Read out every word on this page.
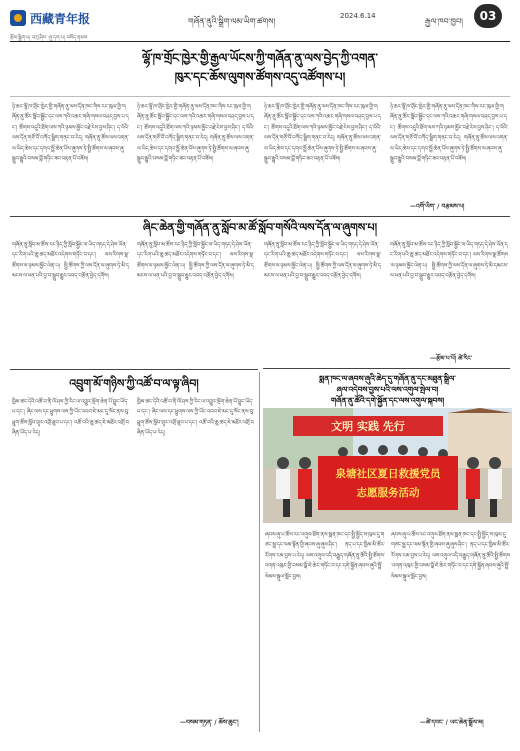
西藏青年报	གཞོན་ནུའི་སྒྲིག་ལམ་ཡིག་ཚགས།
2024.6.14
རྒྱལ་ཁབ་ཁྱབ།	03
རྩོམ་སྒྲིག་པ། བཀྲ་ཤིས་ ཞུ་དག་པ། བསོད་ནམས་
ལྷོ་ཁ་གྲོང་ཁྱེར་གྱི་རྒྱལ་ཡོངས་ཀྱི་གཞོན་ནུ་ལས་བྱེད་ཀྱི་འགན་
ཁུར་དང་ཆོས་ལུགས་ཚོགས་འདུ་འཚོགས་པ།
ཉེ་ཆར་ལྷོ་ཁ་གྲོང་ཁྱེར་གྱི་གཞོན་ནུ་ལས་དོན་ཁང་གིས་རང་ཁུལ་གྱི་གཞོན་ནུ་ཚོར་སློབ་སྦྱོང་དང་ལས་ཀའི་འཆར་གཞི་གསལ་བཤད་བྱས་པ་དང་། ཚོགས་འདུའི་ཐོག་ལས་ཀའི་ཉམས་མྱོང་བརྗེ་རེས་བྱས་ཤིང་། ད་ལོའི་ལས་དོན་གཙོ་བོ་བཀོད་སྒྲིག་གནང་བ་རེད། གཞོན་ནུ་ཚོས་ལས་འགན་ལ་ཡིད་ཆེས་དང་དགའ་སྤྲོ་ཆེན་པོས་ཞུགས་ཏེ་སྤྱི་ཚོགས་ལ་ཞབས་ཞུ་སྒྲུབ་རྒྱུའི་བསམ་བློ་གཏིང་ཟབ་བརྟན་པོ་བཟོས།
ཉེ་ཆར་ལྷོ་ཁ་གྲོང་ཁྱེར་གྱི་གཞོན་ནུ་ལས་དོན་ཁང་གིས་རང་ཁུལ་གྱི་གཞོན་ནུ་ཚོར་སློབ་སྦྱོང་དང་ལས་ཀའི་འཆར་གཞི་གསལ་བཤད་བྱས་པ་དང་། ཚོགས་འདུའི་ཐོག་ལས་ཀའི་ཉམས་མྱོང་བརྗེ་རེས་བྱས་ཤིང་། ད་ལོའི་ལས་དོན་གཙོ་བོ་བཀོད་སྒྲིག་གནང་བ་རེད། གཞོན་ནུ་ཚོས་ལས་འགན་ལ་ཡིད་ཆེས་དང་དགའ་སྤྲོ་ཆེན་པོས་ཞུགས་ཏེ་སྤྱི་ཚོགས་ལ་ཞབས་ཞུ་སྒྲུབ་རྒྱུའི་བསམ་བློ་གཏིང་ཟབ་བརྟན་པོ་བཟོས།
ཉེ་ཆར་ལྷོ་ཁ་གྲོང་ཁྱེར་གྱི་གཞོན་ནུ་ལས་དོན་ཁང་གིས་རང་ཁུལ་གྱི་གཞོན་ནུ་ཚོར་སློབ་སྦྱོང་དང་ལས་ཀའི་འཆར་གཞི་གསལ་བཤད་བྱས་པ་དང་། ཚོགས་འདུའི་ཐོག་ལས་ཀའི་ཉམས་མྱོང་བརྗེ་རེས་བྱས་ཤིང་། ད་ལོའི་ལས་དོན་གཙོ་བོ་བཀོད་སྒྲིག་གནང་བ་རེད། གཞོན་ནུ་ཚོས་ལས་འགན་ལ་ཡིད་ཆེས་དང་དགའ་སྤྲོ་ཆེན་པོས་ཞུགས་ཏེ་སྤྱི་ཚོགས་ལ་ཞབས་ཞུ་སྒྲུབ་རྒྱུའི་བསམ་བློ་གཏིང་ཟབ་བརྟན་པོ་བཟོས།
ཉེ་ཆར་ལྷོ་ཁ་གྲོང་ཁྱེར་གྱི་གཞོན་ནུ་ལས་དོན་ཁང་གིས་རང་ཁུལ་གྱི་གཞོན་ནུ་ཚོར་སློབ་སྦྱོང་དང་ལས་ཀའི་འཆར་གཞི་གསལ་བཤད་བྱས་པ་དང་། ཚོགས་འདུའི་ཐོག་ལས་ཀའི་ཉམས་མྱོང་བརྗེ་རེས་བྱས་ཤིང་། ད་ལོའི་ལས་དོན་གཙོ་བོ་བཀོད་སྒྲིག་གནང་བ་རེད། གཞོན་ནུ་ཚོས་ལས་འགན་ལ་ཡིད་ཆེས་དང་དགའ་སྤྲོ་ཆེན་པོས་ཞུགས་ཏེ་སྤྱི་ཚོགས་ལ་ཞབས་ཞུ་སྒྲུབ་རྒྱུའི་བསམ་བློ་གཏིང་ཟབ་བརྟན་པོ་བཟོས།
—འགོ་ཡིག་ / བརྩམས་པ།
ཞིང་ཆེན་གྱི་གཞོན་ནུ་སློབ་མ་ཚོ་སློབ་གསོའི་ལས་དོན་ལ་ཞུགས་པ།
གཞོན་ནུ་སློབ་མ་ཚོས་རང་ཉིད་ཀྱི་སློབ་སྦྱོང་ལ་ཡིད་གཏད་དེ་ཤེས་ཡོན་དང་རིག་པའི་ཆུ་ཚད་མཐོར་འདེགས་གཏོང་བ་དང་། ལས་རིགས་སྣ་ཚོགས་ལ་ཉམས་མྱོང་ལེན་པ། སྤྱི་ཚོགས་ཀྱི་ལས་དོན་ལ་ཞུགས་ཏེ་མི་དམངས་ལ་ཕན་པའི་བྱ་བ་སྒྲུབ་རྒྱུར་འབད་བརྩོན་བྱེད་དགོས།
གཞོན་ནུ་སློབ་མ་ཚོས་རང་ཉིད་ཀྱི་སློབ་སྦྱོང་ལ་ཡིད་གཏད་དེ་ཤེས་ཡོན་དང་རིག་པའི་ཆུ་ཚད་མཐོར་འདེགས་གཏོང་བ་དང་། ལས་རིགས་སྣ་ཚོགས་ལ་ཉམས་མྱོང་ལེན་པ། སྤྱི་ཚོགས་ཀྱི་ལས་དོན་ལ་ཞུགས་ཏེ་མི་དམངས་ལ་ཕན་པའི་བྱ་བ་སྒྲུབ་རྒྱུར་འབད་བརྩོན་བྱེད་དགོས།
གཞོན་ནུ་སློབ་མ་ཚོས་རང་ཉིད་ཀྱི་སློབ་སྦྱོང་ལ་ཡིད་གཏད་དེ་ཤེས་ཡོན་དང་རིག་པའི་ཆུ་ཚད་མཐོར་འདེགས་གཏོང་བ་དང་། ལས་རིགས་སྣ་ཚོགས་ལ་ཉམས་མྱོང་ལེན་པ། སྤྱི་ཚོགས་ཀྱི་ལས་དོན་ལ་ཞུགས་ཏེ་མི་དམངས་ལ་ཕན་པའི་བྱ་བ་སྒྲུབ་རྒྱུར་འབད་བརྩོན་བྱེད་དགོས།
གཞོན་ནུ་སློབ་མ་ཚོས་རང་ཉིད་ཀྱི་སློབ་སྦྱོང་ལ་ཡིད་གཏད་དེ་ཤེས་ཡོན་དང་རིག་པའི་ཆུ་ཚད་མཐོར་འདེགས་གཏོང་བ་དང་། ལས་རིགས་སྣ་ཚོགས་ལ་ཉམས་མྱོང་ལེན་པ། སྤྱི་ཚོགས་ཀྱི་ལས་དོན་ལ་ཞུགས་ཏེ་མི་དམངས་ལ་ཕན་པའི་བྱ་བ་སྒྲུབ་རྒྱུར་འབད་བརྩོན་བྱེད་དགོས།
—རྩོམ་པ་པོ། ཚེ་རིང་
འབྲུག་མོ་གཉིས་ཀྱི་འཚོ་བ་ལ་ལྟ་ཞིབ།
ཁྱིམ་ཚང་དེའི་འཚོ་བ་ནི་ལོ་ཤས་ཀྱི་རིང་ལ་འགྱུར་ལྡོག་ཆེན་པོ་བྱུང་ཡོད་པ་དང་། ཞིང་ལས་དང་ཕྱུགས་ལས་ཀྱི་ཡོང་འབབ་ཇེ་མང་དུ་སོང་ནས་བུ་ཕྲུག་ཚོས་སློབ་གྲྭར་འགྲོ་ཐུབ་པ་དང་། འཚོ་བའི་ཆུ་ཚད་ཇེ་མཐོར་འགྲོ་བཞིན་ཡོད་པ་རེད།
ཁྱིམ་ཚང་དེའི་འཚོ་བ་ནི་ལོ་ཤས་ཀྱི་རིང་ལ་འགྱུར་ལྡོག་ཆེན་པོ་བྱུང་ཡོད་པ་དང་། ཞིང་ལས་དང་ཕྱུགས་ལས་ཀྱི་ཡོང་འབབ་ཇེ་མང་དུ་སོང་ནས་བུ་ཕྲུག་ཚོས་སློབ་གྲྭར་འགྲོ་ཐུབ་པ་དང་། འཚོ་བའི་ཆུ་ཚད་ཇེ་མཐོར་འགྲོ་བཞིན་ཡོད་པ་རེད།
—བསམ་གཏན་ / ཆོས་ཆུང་།
སྨན་ཁང་ལ་ཞབས་ཞུའི་ཆེད་དུ་གཞོན་ནུ་དང་མཐུན་སྒྲིལ་
ཞལ་འདེབས་བྱས་པའི་ལས་འགུལ་སྤེལ་བ།
གཞོན་ནུ་ཚོའི་དགེ་སྐྱོན་དང་ལས་འགུལ་སྐབས།
文明 实践 先行
泉塘社区夏日救援党员
志愿服务活动
ཞབས་ཞུ་པ་ཚོས་རང་འགུལ་ཐོག་ནས་སྨན་ཁང་དང་སྤྱི་སྤྱོད་ས་ཁུལ་དུ་གཙང་སྦྲ་དང་ལམ་སྟོན་གྱི་ཞབས་ཞུ་ཞུས་ཤིང་། ནད་པ་དང་ཁྱིམ་མི་ཚོར་རོགས་རམ་བྱས་པ་རེད། ལས་འགུལ་འདི་བརྒྱུད་གཞོན་ནུ་ཚོའི་སྤྱི་ཚོགས་འགན་འཁུར་གྱི་བསམ་བློ་ཇེ་ཆེར་གཏོང་བ་དང་དགེ་སྐྱོན་ཞབས་ཞུའི་སྤྲོ་སེམས་སྐུལ་སློང་བྱས།
ཞབས་ཞུ་པ་ཚོས་རང་འགུལ་ཐོག་ནས་སྨན་ཁང་དང་སྤྱི་སྤྱོད་ས་ཁུལ་དུ་གཙང་སྦྲ་དང་ལམ་སྟོན་གྱི་ཞབས་ཞུ་ཞུས་ཤིང་། ནད་པ་དང་ཁྱིམ་མི་ཚོར་རོགས་རམ་བྱས་པ་རེད། ལས་འགུལ་འདི་བརྒྱུད་གཞོན་ནུ་ཚོའི་སྤྱི་ཚོགས་འགན་འཁུར་གྱི་བསམ་བློ་ཇེ་ཆེར་གཏོང་བ་དང་དགེ་སྐྱོན་ཞབས་ཞུའི་སྤྲོ་སེམས་སྐུལ་སློང་བྱས།
—ཚེ་དབང་ / ཡང་ཆེན་སྒྲོལ་མ།
